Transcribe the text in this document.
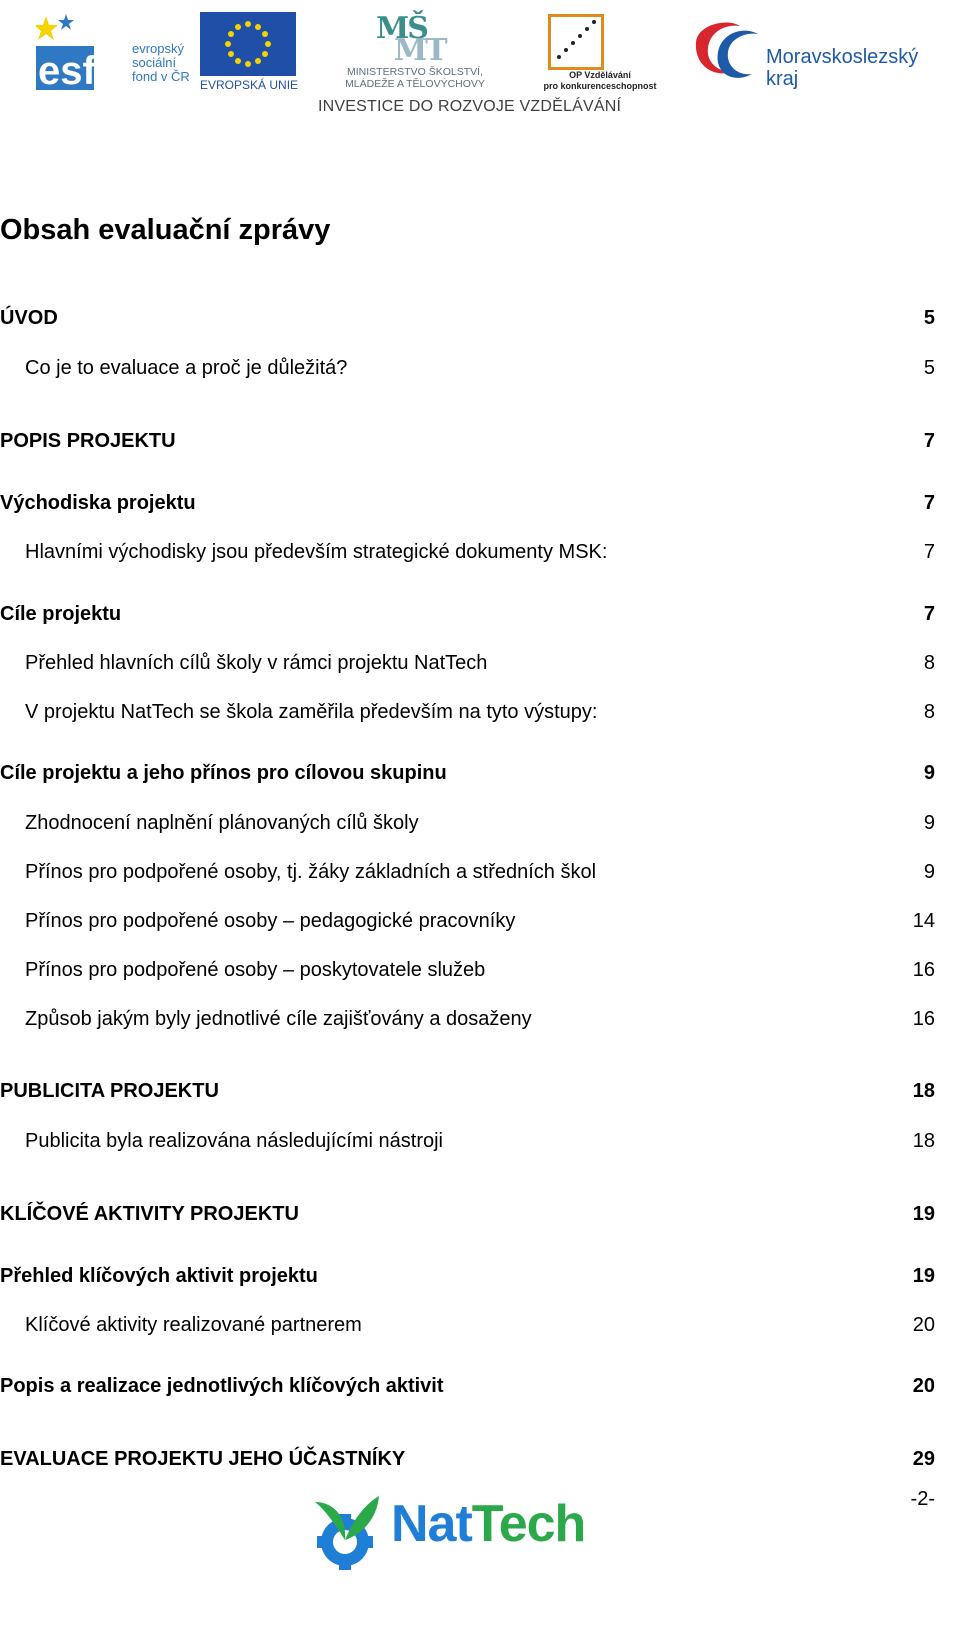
esf
evropský
sociální
fond v ČR
EVROPSKÁ UNIE
MŠ
MT
MINISTERSTVO ŠKOLSTVÍ,
MLÁDEŽE A TĚLOVÝCHOVY
OP Vzdělávání
pro konkurenceschopnost
Moravskoslezský
kraj
INVESTICE DO ROZVOJE VZDĚLÁVÁNÍ
Obsah evaluační zprávy
ÚVOD	5
Co je to evaluace a proč je důležitá?	5
POPIS PROJEKTU	7
Východiska projektu	7
Hlavními východisky jsou především strategické dokumenty MSK:	7
Cíle projektu	7
Přehled hlavních cílů školy v rámci projektu NatTech	8
V projektu NatTech se škola zaměřila především na tyto výstupy:	8
Cíle projektu a jeho přínos pro cílovou skupinu	9
Zhodnocení naplnění plánovaných cílů školy	9
Přínos pro podpořené osoby, tj. žáky základních a středních škol	9
Přínos pro podpořené osoby – pedagogické pracovníky	14
Přínos pro podpořené osoby – poskytovatele služeb	16
Způsob jakým byly jednotlivé cíle zajišťovány a dosaženy	16
PUBLICITA PROJEKTU	18
Publicita byla realizována následujícími nástroji	18
KLÍČOVÉ AKTIVITY PROJEKTU	19
Přehled klíčových aktivit projektu	19
Klíčové aktivity realizované partnerem	20
Popis a realizace jednotlivých klíčových aktivit	20
EVALUACE PROJEKTU JEHO ÚČASTNÍKY	29
-2-
NatTech
